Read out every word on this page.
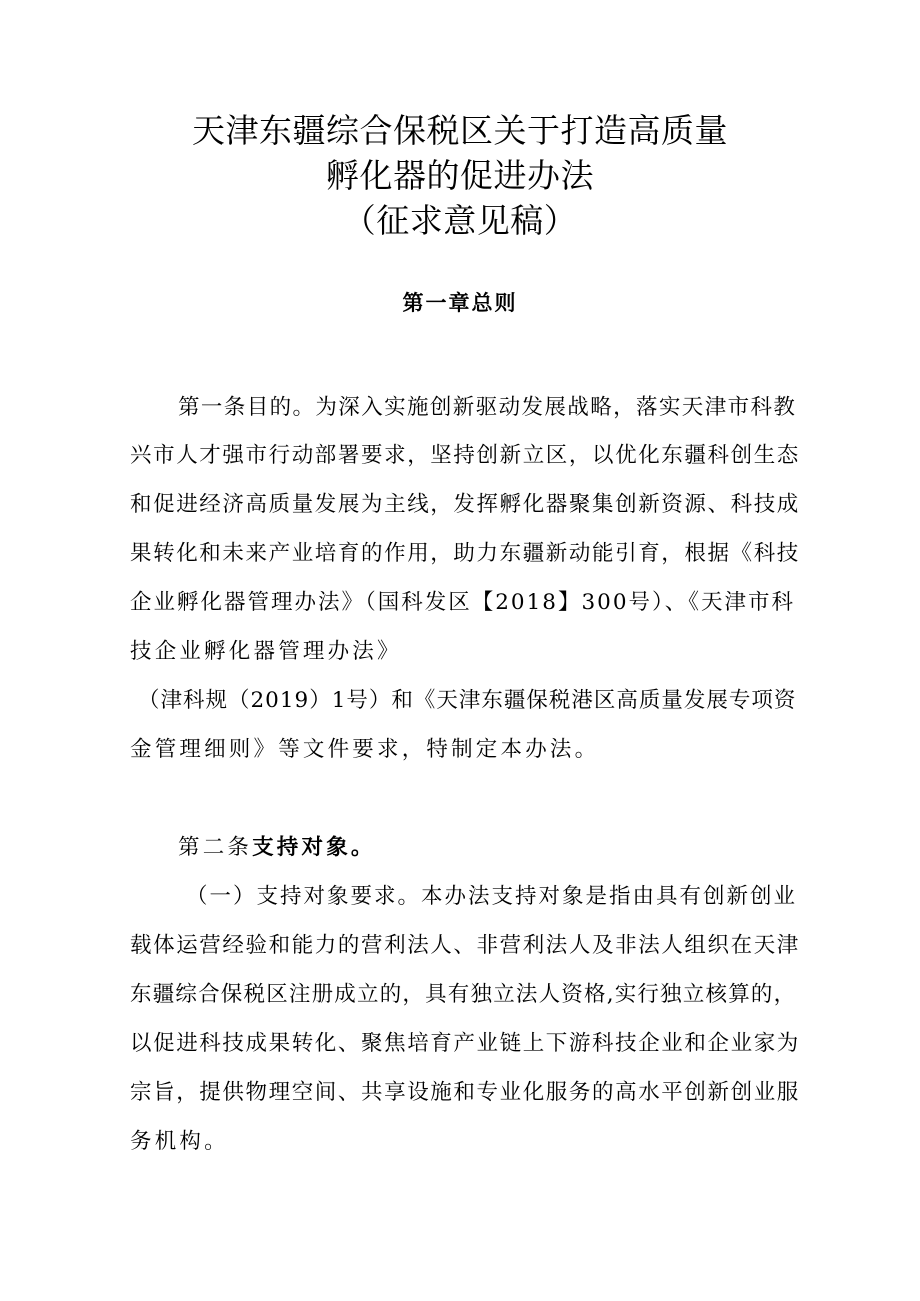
天津东疆综合保税区关于打造高质量
孵化器的促进办法
（征求意见稿）
第一章总则
第一条目的。为深入实施创新驱动发展战略，落实天津市科教
兴市人才强市行动部署要求，坚持创新立区，以优化东疆科创生态
和促进经济高质量发展为主线，发挥孵化器聚集创新资源、科技成
果转化和未来产业培育的作用，助力东疆新动能引育，根据《科技
企业孵化器管理办法》（国科发区【2018】300号）、《天津市科
技企业孵化器管理办法》
（津科规（2019）1号）和《天津东疆保税港区高质量发展专项资
金管理细则》等文件要求，特制定本办法。
第二条支持对象。
（一）支持对象要求。本办法支持对象是指由具有创新创业
载体运营经验和能力的营利法人、非营利法人及非法人组织在天津
东疆综合保税区注册成立的，具有独立法人资格,实行独立核算的，
以促进科技成果转化、聚焦培育产业链上下游科技企业和企业家为
宗旨，提供物理空间、共享设施和专业化服务的高水平创新创业服
务机构。
